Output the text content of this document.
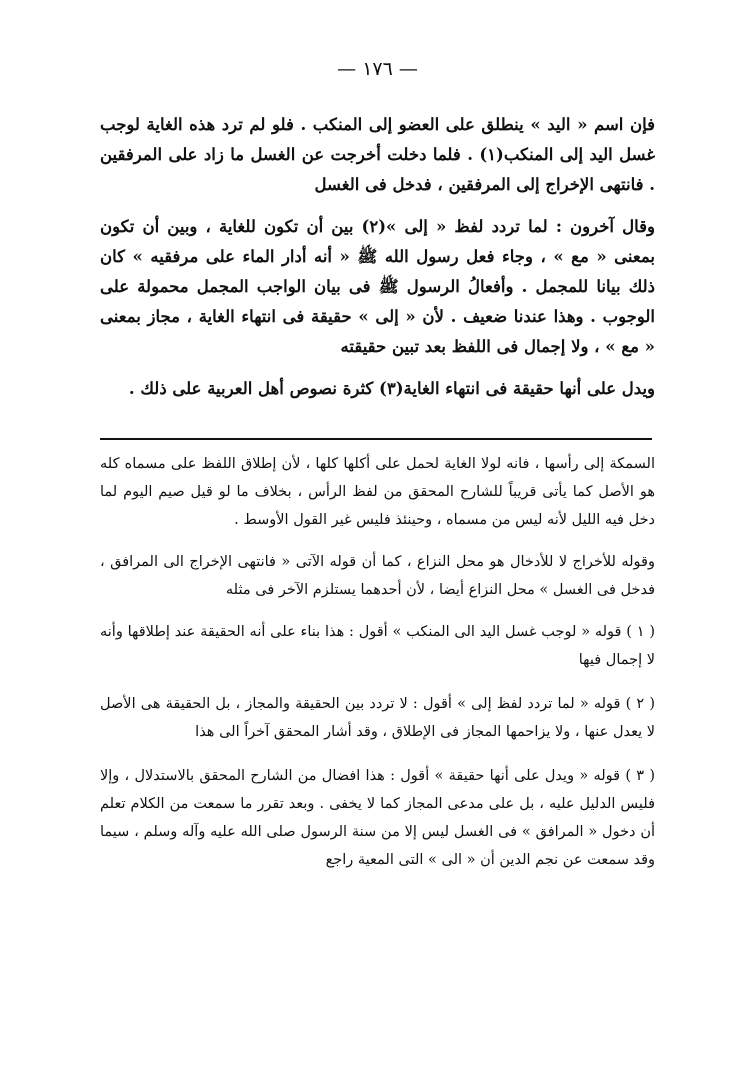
— ١٧٦ —

فإن اسم « اليد » ينطلق على العضو إلى المنكب . فلو لم ترد هذه الغاية لوجب غسل اليد إلى المنكب(١) . فلما دخلت أخرجت عن الغسل ما زاد على المرفقين . فانتهى الإخراج إلى المرفقين ، فدخل فى الغسل

وقال آخرون : لما تردد لفظ « إلى »(٢) بين أن تكون للغاية ، وبين أن تكون بمعنى « مع » ، وجاء فعل رسول الله ﷺ « أنه أدار الماء على مرفقيه » كان ذلك بيانا للمجمل . وأفعالُ الرسول ﷺ فى بيان الواجب المجمل محمولة على الوجوب . وهذا عندنا ضعيف . لأن « إلى » حقيقة فى انتهاء الغاية ، مجاز بمعنى « مع » ، ولا إجمال فى اللفظ بعد تبين حقيقته

ويدل على أنها حقيقة فى انتهاء الغاية(٣) كثرة نصوص أهل العربية على ذلك .

السمكة إلى رأسها ، فانه لولا الغاية لحمل على أكلها كلها ، لأن إطلاق اللفظ على مسماه كله هو الأصل كما يأتى قريباً للشارح المحقق من لفظ الرأس ، بخلاف ما لو قيل صيم اليوم لما دخل فيه الليل لأنه ليس من مسماه ، وحينئذ فليس غير القول الأوسط .

وقوله للأخراج لا للأدخال هو محل النزاع ، كما أن قوله الآتى « فانتهى الإخراج الى المرافق ، فدخل فى الغسل » محل النزاع أيضا ، لأن أحدهما يستلزم الآخر فى مثله

( ١ ) قوله « لوجب غسل اليد الى المنكب » أقول : هذا بناء على أنه الحقيقة عند إطلاقها وأنه لا إجمال فيها

( ٢ ) قوله « لما تردد لفظ إلى » أقول : لا تردد بين الحقيقة والمجاز ، بل الحقيقة هى الأصل لا يعدل عنها ، ولا يزاحمها المجاز فى الإطلاق ، وقد أشار المحقق آخراً الى هذا

( ٣ ) قوله « ويدل على أنها حقيقة » أقول : هذا افضال من الشارح المحقق بالاستدلال ، وإلا فليس الدليل عليه ، بل على مدعى المجاز كما لا يخفى . وبعد تقرر ما سمعت من الكلام تعلم أن دخول « المرافق » فى الغسل ليس إلا من سنة الرسول صلى الله عليه وآله وسلم ، سيما وقد سمعت عن نجم الدين أن « الى » التى المعية راجع
